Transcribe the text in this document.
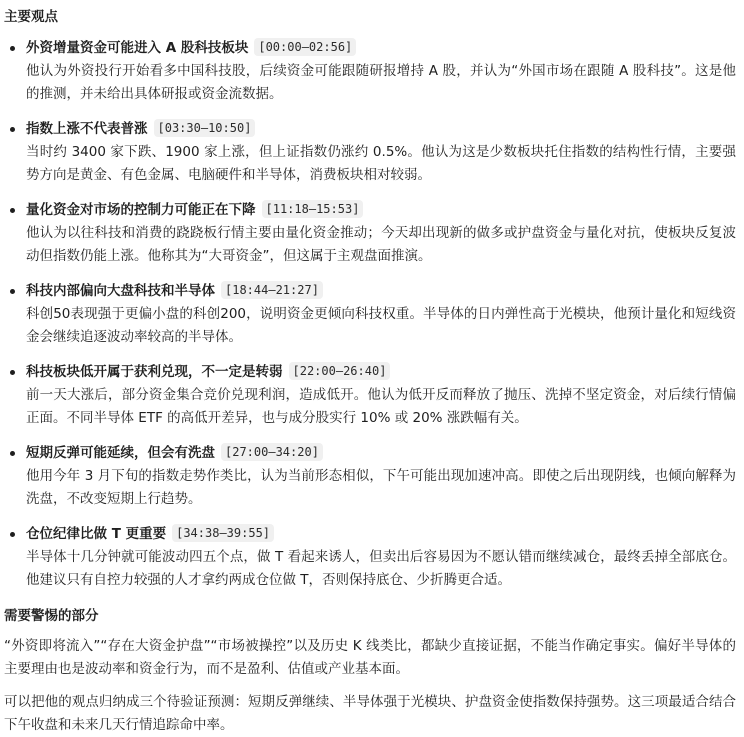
主要观点
外资增量资金可能进入 A 股科技板块 [00:00–02:56]

他认为外资投行开始看多中国科技股，后续资金可能跟随研报增持 A 股，并认为“外国市场在跟随 A 股科技”。这是他的推测，并未给出具体研报或资金流数据。

指数上涨不代表普涨 [03:30–10:50]

当时约 3400 家下跌、1900 家上涨，但上证指数仍涨约 0.5%。他认为这是少数板块托住指数的结构性行情，主要强势方向是黄金、有色金属、电脑硬件和半导体，消费板块相对较弱。

量化资金对市场的控制力可能正在下降 [11:18–15:53]

他认为以往科技和消费的跷跷板行情主要由量化资金推动；今天却出现新的做多或护盘资金与量化对抗，使板块反复波动但指数仍能上涨。他称其为“大哥资金”，但这属于主观盘面推演。

科技内部偏向大盘科技和半导体 [18:44–21:27]

科创50表现强于更偏小盘的科创200，说明资金更倾向科技权重。半导体的日内弹性高于光模块，他预计量化和短线资金会继续追逐波动率较高的半导体。

科技板块低开属于获利兑现，不一定是转弱 [22:00–26:40]

前一天大涨后，部分资金集合竞价兑现利润，造成低开。他认为低开反而释放了抛压、洗掉不坚定资金，对后续行情偏正面。不同半导体 ETF 的高低开差异，也与成分股实行 10% 或 20% 涨跌幅有关。

短期反弹可能延续，但会有洗盘 [27:00–34:20]

他用今年 3 月下旬的指数走势作类比，认为当前形态相似，下午可能出现加速冲高。即使之后出现阴线，也倾向解释为洗盘，不改变短期上行趋势。

仓位纪律比做 T 更重要 [34:38–39:55]

半导体十几分钟就可能波动四五个点，做 T 看起来诱人，但卖出后容易因为不愿认错而继续减仓，最终丢掉全部底仓。他建议只有自控力较强的人才拿约两成仓位做 T，否则保持底仓、少折腾更合适。

需要警惕的部分

“外资即将流入”“存在大资金护盘”“市场被操控”以及历史 K 线类比，都缺少直接证据，不能当作确定事实。偏好半导体的主要理由也是波动率和资金行为，而不是盈利、估值或产业基本面。

可以把他的观点归纳成三个待验证预测：短期反弹继续、半导体强于光模块、护盘资金使指数保持强势。这三项最适合结合下午收盘和未来几天行情追踪命中率。
